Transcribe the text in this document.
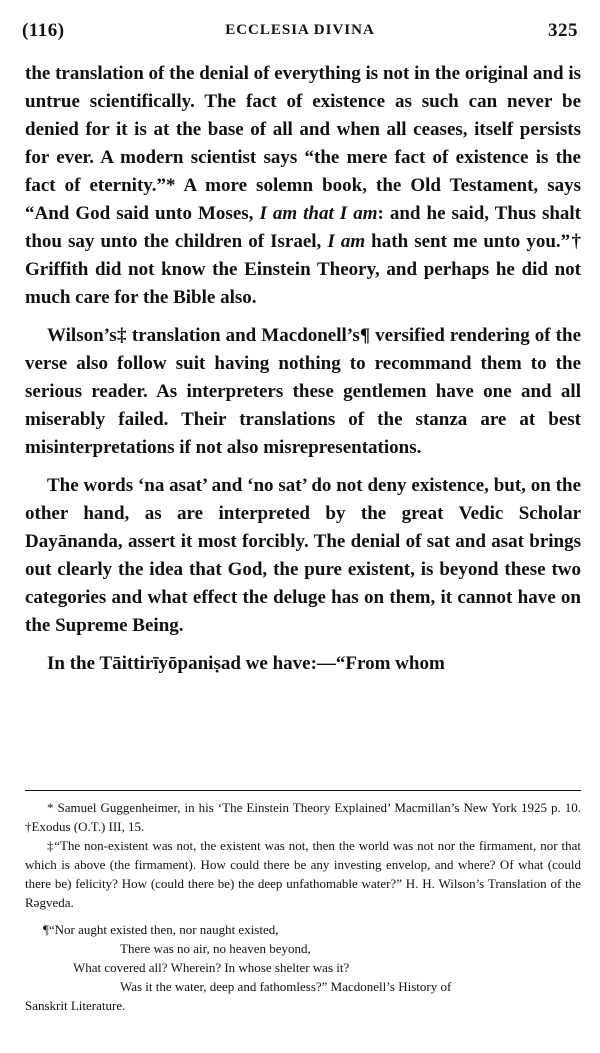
(116)	ECCLESIA DIVINA	325

the translation of the denial of everything is not in the original and is untrue scientifically. The fact of existence as such can never be denied for it is at the base of all and when all ceases, itself persists for ever. A modern scientist says “the mere fact of existence is the fact of eternity.”* A more solemn book, the Old Testament, says “And God said unto Moses, I am that I am: and he said, Thus shalt thou say unto the children of Israel, I am hath sent me unto you.”† Griffith did not know the Einstein Theory, and perhaps he did not much care for the Bible also.

Wilson’s‡ translation and Macdonell’s¶ versified rendering of the verse also follow suit having nothing to recommand them to the serious reader. As interpreters these gentlemen have one and all miserably failed. Their translations of the stanza are at best misinterpretations if not also misrepresentations.

The words ‘na asat’ and ‘no sat’ do not deny existence, but, on the other hand, as are interpreted by the great Vedic Scholar Dayānanda, assert it most forcibly. The denial of sat and asat brings out clearly the idea that God, the pure existent, is beyond these two categories and what effect the deluge has on them, it cannot have on the Supreme Being.

In the Tāittirīyōpaniṣad we have:—“From whom

* Samuel Guggenheimer, in his ‘The Einstein Theory Explained’ Macmillan’s New York 1925 p. 10. †Exodus (O.T.) III, 15.

‡“The non-existent was not, the existent was not, then the world was not nor the firmament, nor that which is above (the firmament). How could there be any investing envelop, and where? Of what (could there be) felicity? How (could there be) the deep unfathomable water?” H. H. Wilson’s Translation of the Rəgveda.

¶“Nor aught existed then, nor naught existed,
There was no air, no heaven beyond,
What covered all? Wherein? In whose shelter was it?
Was it the water, deep and fathomless?” Macdonell’s History of
Sanskrit Literature.
